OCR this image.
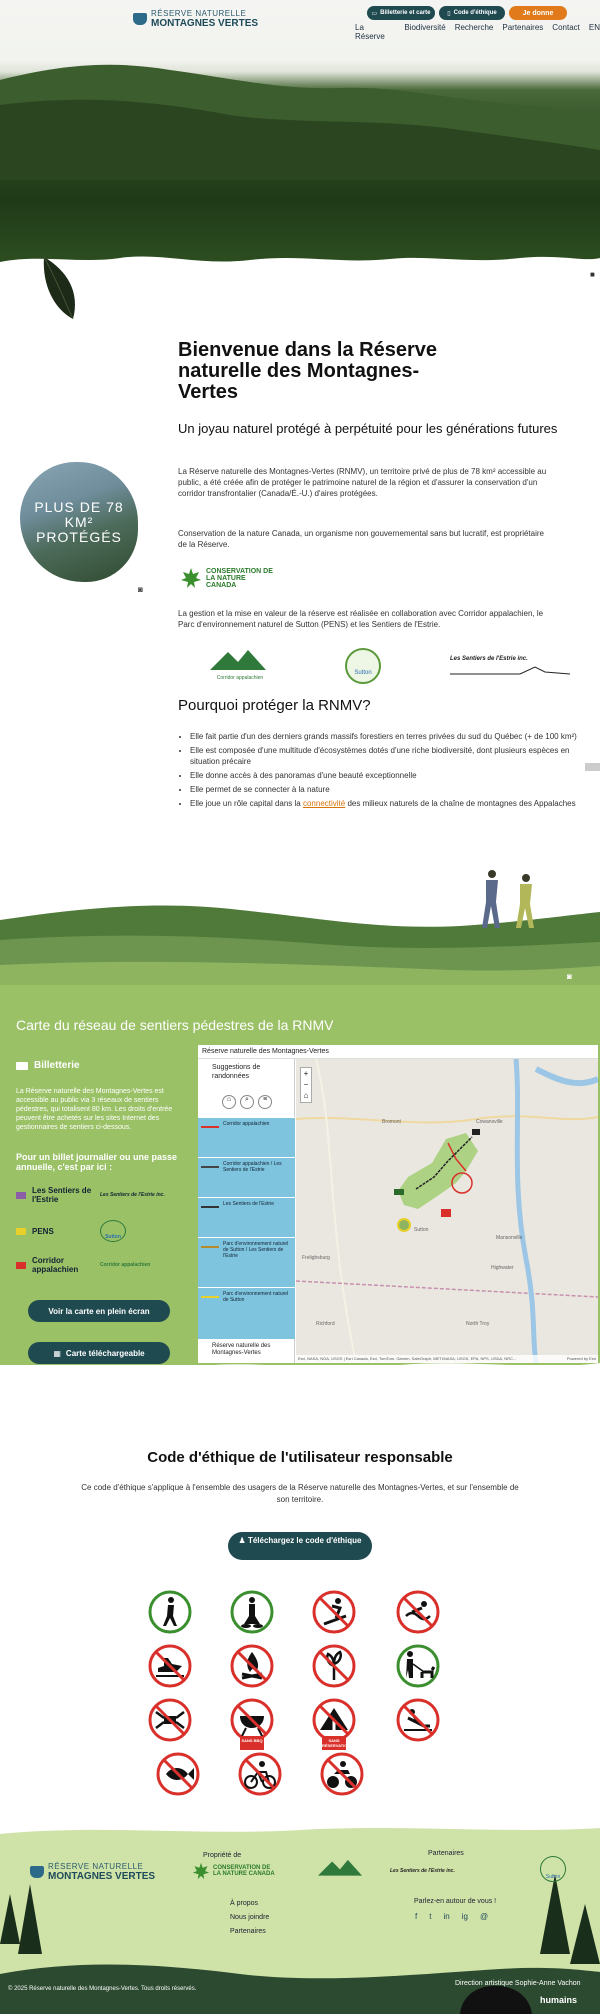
RÉSERVE NATURELLE
MONTAGNES VERTES
▭ Billetterie et carte	▯ Code d'éthique	Je donne
La Réserve
Biodiversité Recherche Partenaires Contact EN
■
Bienvenue dans la Réserve naturelle des Montagnes-Vertes
Un joyau naturel protégé à perpétuité pour les générations futures
La Réserve naturelle des Montagnes-Vertes (RNMV), un territoire privé de plus de 78 km² accessible au public, a été créée afin de protéger le patrimoine naturel de la région et d'assurer la conservation d'un corridor transfrontalier (Canada/É.-U.) d'aires protégées.
Conservation de la nature Canada, un organisme non gouvernemental sans but lucratif, est propriétaire de la Réserve.
CONSERVATION DE LA NATURE CANADA
La gestion et la mise en valeur de la réserve est réalisée en collaboration avec Corridor appalachien, le Parc d'environnement naturel de Sutton (PENS) et les Sentiers de l'Estrie.
PLUS DE 78 KM² PROTÉGÉS
◙
Corridor appalachien
Sutton
Les Sentiers de l'Estrie inc.
Pourquoi protéger la RNMV?
• Elle fait partie d'un des derniers grands massifs forestiers en terres privées du sud du Québec (+ de 100 km²)
• Elle est composée d'une multitude d'écosystèmes dotés d'une riche biodiversité, dont plusieurs espèces en situation précaire
• Elle donne accès à des panoramas d'une beauté exceptionnelle
• Elle permet de se connecter à la nature
• Elle joue un rôle capital dans la connectivité des milieux naturels de la chaîne de montagnes des Appalaches
◙
Carte du réseau de sentiers pédestres de la RNMV
Billetterie
La Réserve naturelle des Montagnes-Vertes est accessible au public via 3 réseaux de sentiers pédestres, qui totalisent 80 km. Les droits d'entrée peuvent être achetés sur les sites Internet des gestionnaires de sentiers ci-dessous.
Pour un billet journalier ou une passe annuelle, c'est par ici :
Les Sentiers de l'Estrie	Les Sentiers de l'Estrie inc.
PENS
Sutton
Corridor appalachien	Corridor appalachien
Voir la carte en plein écran
▦ Carte téléchargeable
Réserve naturelle des Montagnes-Vertes
Suggestions de randonnées
⌂	⌕	≡
Corridor appalachien
Corridor appalachien / Les Sentiers de l'Estrie
Les Sentiers de l'Estrie
Parc d'environnement naturel de Sutton / Les Sentiers de l'Estrie
Parc d'environnement naturel de Sutton
Réserve naturelle des Montagnes-Vertes
Bromont	Cowansville
Sutton
Mansonville
Highwater
North Troy
Richford
Frelighsburg
Esri, NASA, NGA, USGS | Esri Canada, Esri, TomTom, Garmin, SafeGraph, METI/NASA, USGS, EPA, NPS, USDA, NRC...	Powered by Esri
+
−
⌂
Code d'éthique de l'utilisateur responsable
Ce code d'éthique s'applique à l'ensemble des usagers de la Réserve naturelle des Montagnes-Vertes, et sur l'ensemble de son territoire.
♟ Téléchargez le code d'éthique
SANS BBQ	SANS RÉSERVATION
RÉSERVE NATURELLE
MONTAGNES VERTES
Propriété de
CONSERVATION DE LA NATURE CANADA
Partenaires
Les Sentiers de l'Estrie inc.
Sutton
À propos
Nous joindre
Partenaires
Parlez-en autour de vous !
f t in ig @
© 2025 Réserve naturelle des Montagnes-Vertes. Tous droits réservés.
Direction artistique Sophie-Anne Vachon
humains
